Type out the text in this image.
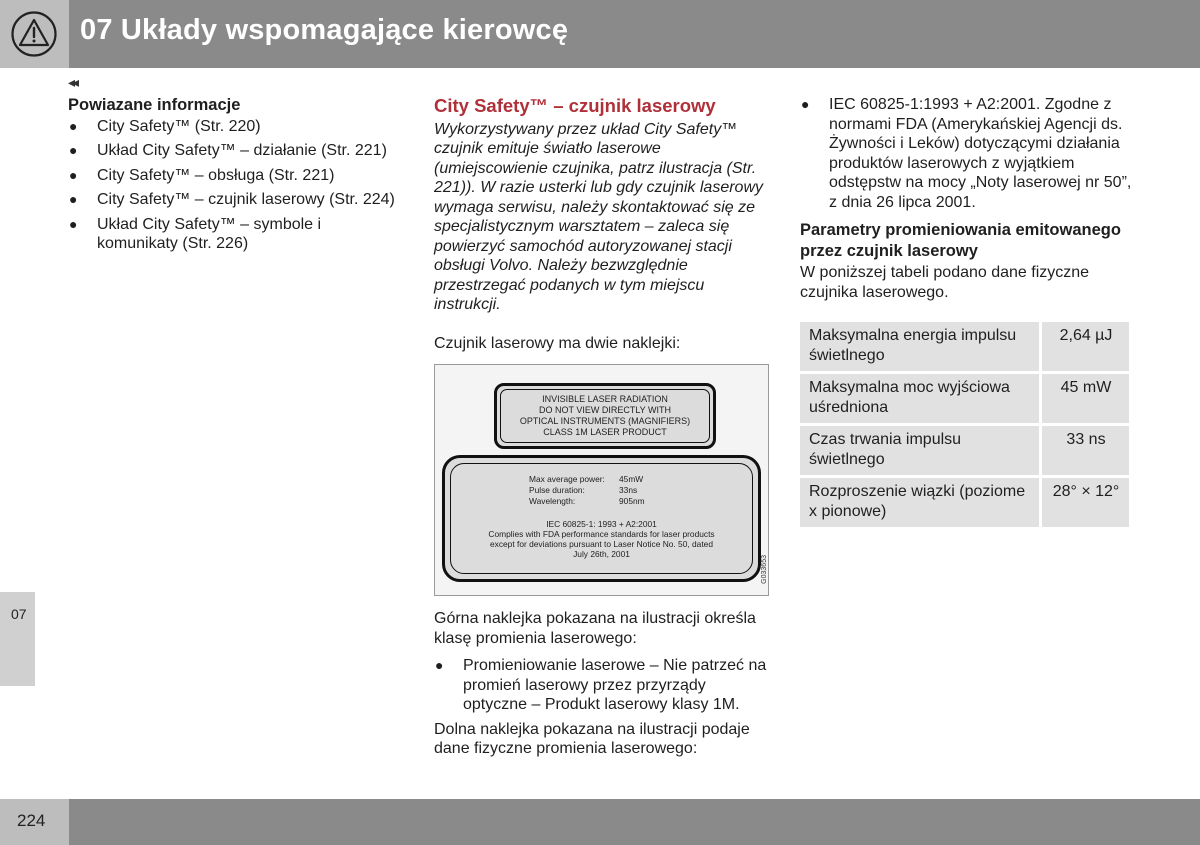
07 Układy wspomagające kierowcę
◂◂
Powiazane informacje
● City Safety™ (Str. 220)
● Układ City Safety™ – działanie (Str. 221)
● City Safety™ – obsługa (Str. 221)
● City Safety™ – czujnik laserowy (Str. 224)
● Układ City Safety™ – symbole i komunikaty (Str. 226)
City Safety™ – czujnik laserowy

Wykorzystywany przez układ City Safety™ czujnik emituje światło laserowe (umiejscowienie czujnika, patrz ilustracja (Str. 221)). W razie usterki lub gdy czujnik laserowy wymaga serwisu, należy skontaktować się ze specjalistycznym warsztatem – zaleca się powierzyć samochód autoryzowanej stacji obsługi Volvo. Należy bezwzględnie przestrzegać podanych w tym miejscu instrukcji.

Czujnik laserowy ma dwie naklejki:

INVISIBLE LASER RADIATION
DO NOT VIEW DIRECTLY WITH
OPTICAL INSTRUMENTS (MAGNIFIERS)
CLASS 1M LASER PRODUCT
Max average power: 45mW
Pulse duration:	33ns
Wavelength:	905nm
IEC 60825-1: 1993 + A2:2001
Complies with FDA performance standards for laser products
except for deviations pursuant to Laser Notice No. 50, dated
July 26th, 2001
G033653

Górna naklejka pokazana na ilustracji określa klasę promienia laserowego:

● Promieniowanie laserowe – Nie patrzeć na promień laserowy przez przyrządy optyczne – Produkt laserowy klasy 1M.

Dolna naklejka pokazana na ilustracji podaje dane fizyczne promienia laserowego:

● IEC 60825-1:1993 + A2:2001. Zgodne z normami FDA (Amerykańskiej Agencji ds. Żywności i Leków) dotyczącymi działania produktów laserowych z wyjątkiem odstępstw na mocy „Noty laserowej nr 50”, z dnia 26 lipca 2001.
Parametry promieniowania emitowanego przez czujnik laserowy

W poniższej tabeli podano dane fizyczne czujnika laserowego.

Maksymalna energia impulsu świetlnego	2,64 µJ
Maksymalna moc wyjściowa uśredniona	45 mW
Czas trwania impulsu świetlnego	33 ns
Rozproszenie wiązki (poziome x pionowe)	28° × 12°
07
224
